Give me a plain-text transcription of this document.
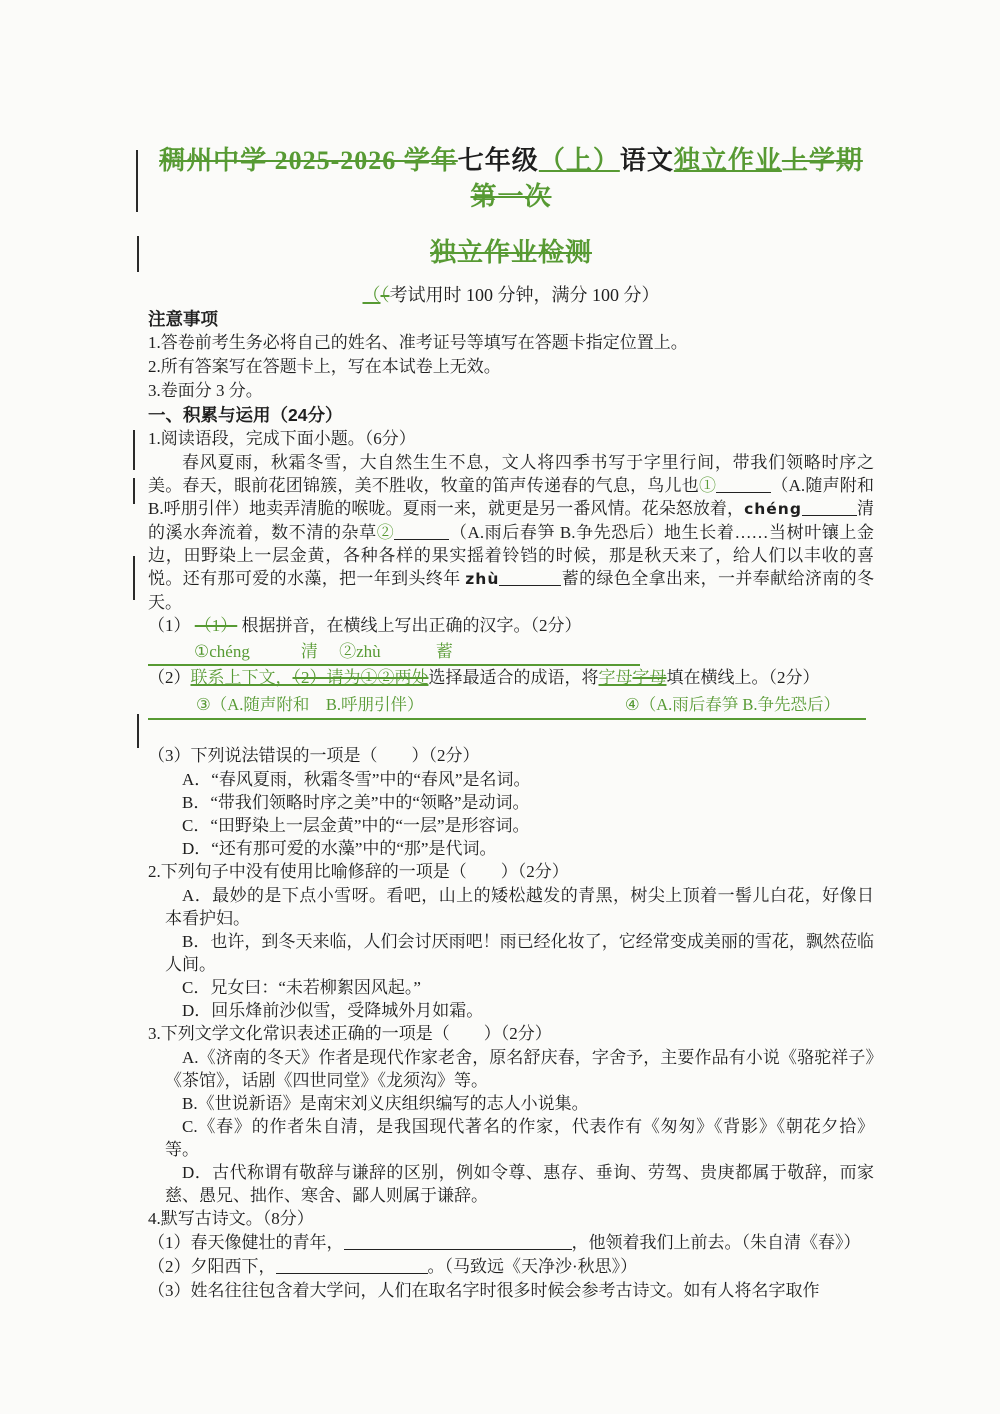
稠州中学 2025-2026 学年七年级（上）语文独立作业上学期第一次
独立作业检测
（（考试用时 100 分钟，满分 100 分）
注意事项
1.答卷前考生务必将自己的姓名、准考证号等填写在答题卡指定位置上。
2.所有答案写在答题卡上，写在本试卷上无效。
3.卷面分 3 分。
一、积累与运用（24分）
1.阅读语段，完成下面小题。（6分）
春风夏雨，秋霜冬雪，大自然生生不息，文人将四季书写于字里行间，带我们领略时序之美。春天，眼前花团锦簇，美不胜收，牧童的笛声传递春的气息，鸟儿也①	（A.随声附和　B.呼朋引伴）地卖弄清脆的喉咙。夏雨一来，就更是另一番风情。花朵怒放着，chéng	清的溪水奔流着，数不清的杂草②	（A.雨后春笋 B.争先恐后）地生长着……当树叶镶上金边，田野染上一层金黄，各种各样的果实摇着铃铛的时候，那是秋天来了，给人们以丰收的喜悦。还有那可爱的水藻，把一年到头终年 zhù	蓄的绿色全拿出来，一并奉献给济南的冬天。
（1） （1） 根据拼音，在横线上写出正确的汉字。（2分）
①chéng　　　清　 ②zhù　　　 蓄
（2）联系上下文，（2）请为①②两处选择最适合的成语，将字母字母填在横线上。（2分）
③（A.随声附和　B.呼朋引伴）	④（A.雨后春笋 B.争先恐后）
（3）下列说法错误的一项是（　　）（2分）
A．“春风夏雨，秋霜冬雪”中的“春风”是名词。
B．“带我们领略时序之美”中的“领略”是动词。
C．“田野染上一层金黄”中的“一层”是形容词。
D．“还有那可爱的水藻”中的“那”是代词。
2.下列句子中没有使用比喻修辞的一项是（　　）（2分）
A．最妙的是下点小雪呀。看吧，山上的矮松越发的青黑，树尖上顶着一髻儿白花，好像日本看护妇。
B．也许，到冬天来临，人们会讨厌雨吧！雨已经化妆了，它经常变成美丽的雪花，飘然莅临人间。
C．兄女曰：“未若柳絮因风起。”
D．回乐烽前沙似雪，受降城外月如霜。
3.下列文学文化常识表述正确的一项是（　　）（2分）
A.《济南的冬天》作者是现代作家老舍，原名舒庆春，字舍予，主要作品有小说《骆驼祥子》《茶馆》，话剧《四世同堂》《龙须沟》等。
B.《世说新语》是南宋刘义庆组织编写的志人小说集。
C.《春》的作者朱自清，是我国现代著名的作家，代表作有《匆匆》《背影》《朝花夕拾》等。
D．古代称谓有敬辞与谦辞的区别，例如令尊、惠存、垂询、劳驾、贵庚都属于敬辞，而家慈、愚兄、拙作、寒舍、鄙人则属于谦辞。
4.默写古诗文。（8分）
（1）春天像健壮的青年，	，他领着我们上前去。（朱自清《春》）
（2）夕阳西下，	。（马致远《天净沙·秋思》）
（3）姓名往往包含着大学问，人们在取名字时很多时候会参考古诗文。如有人将名字取作
